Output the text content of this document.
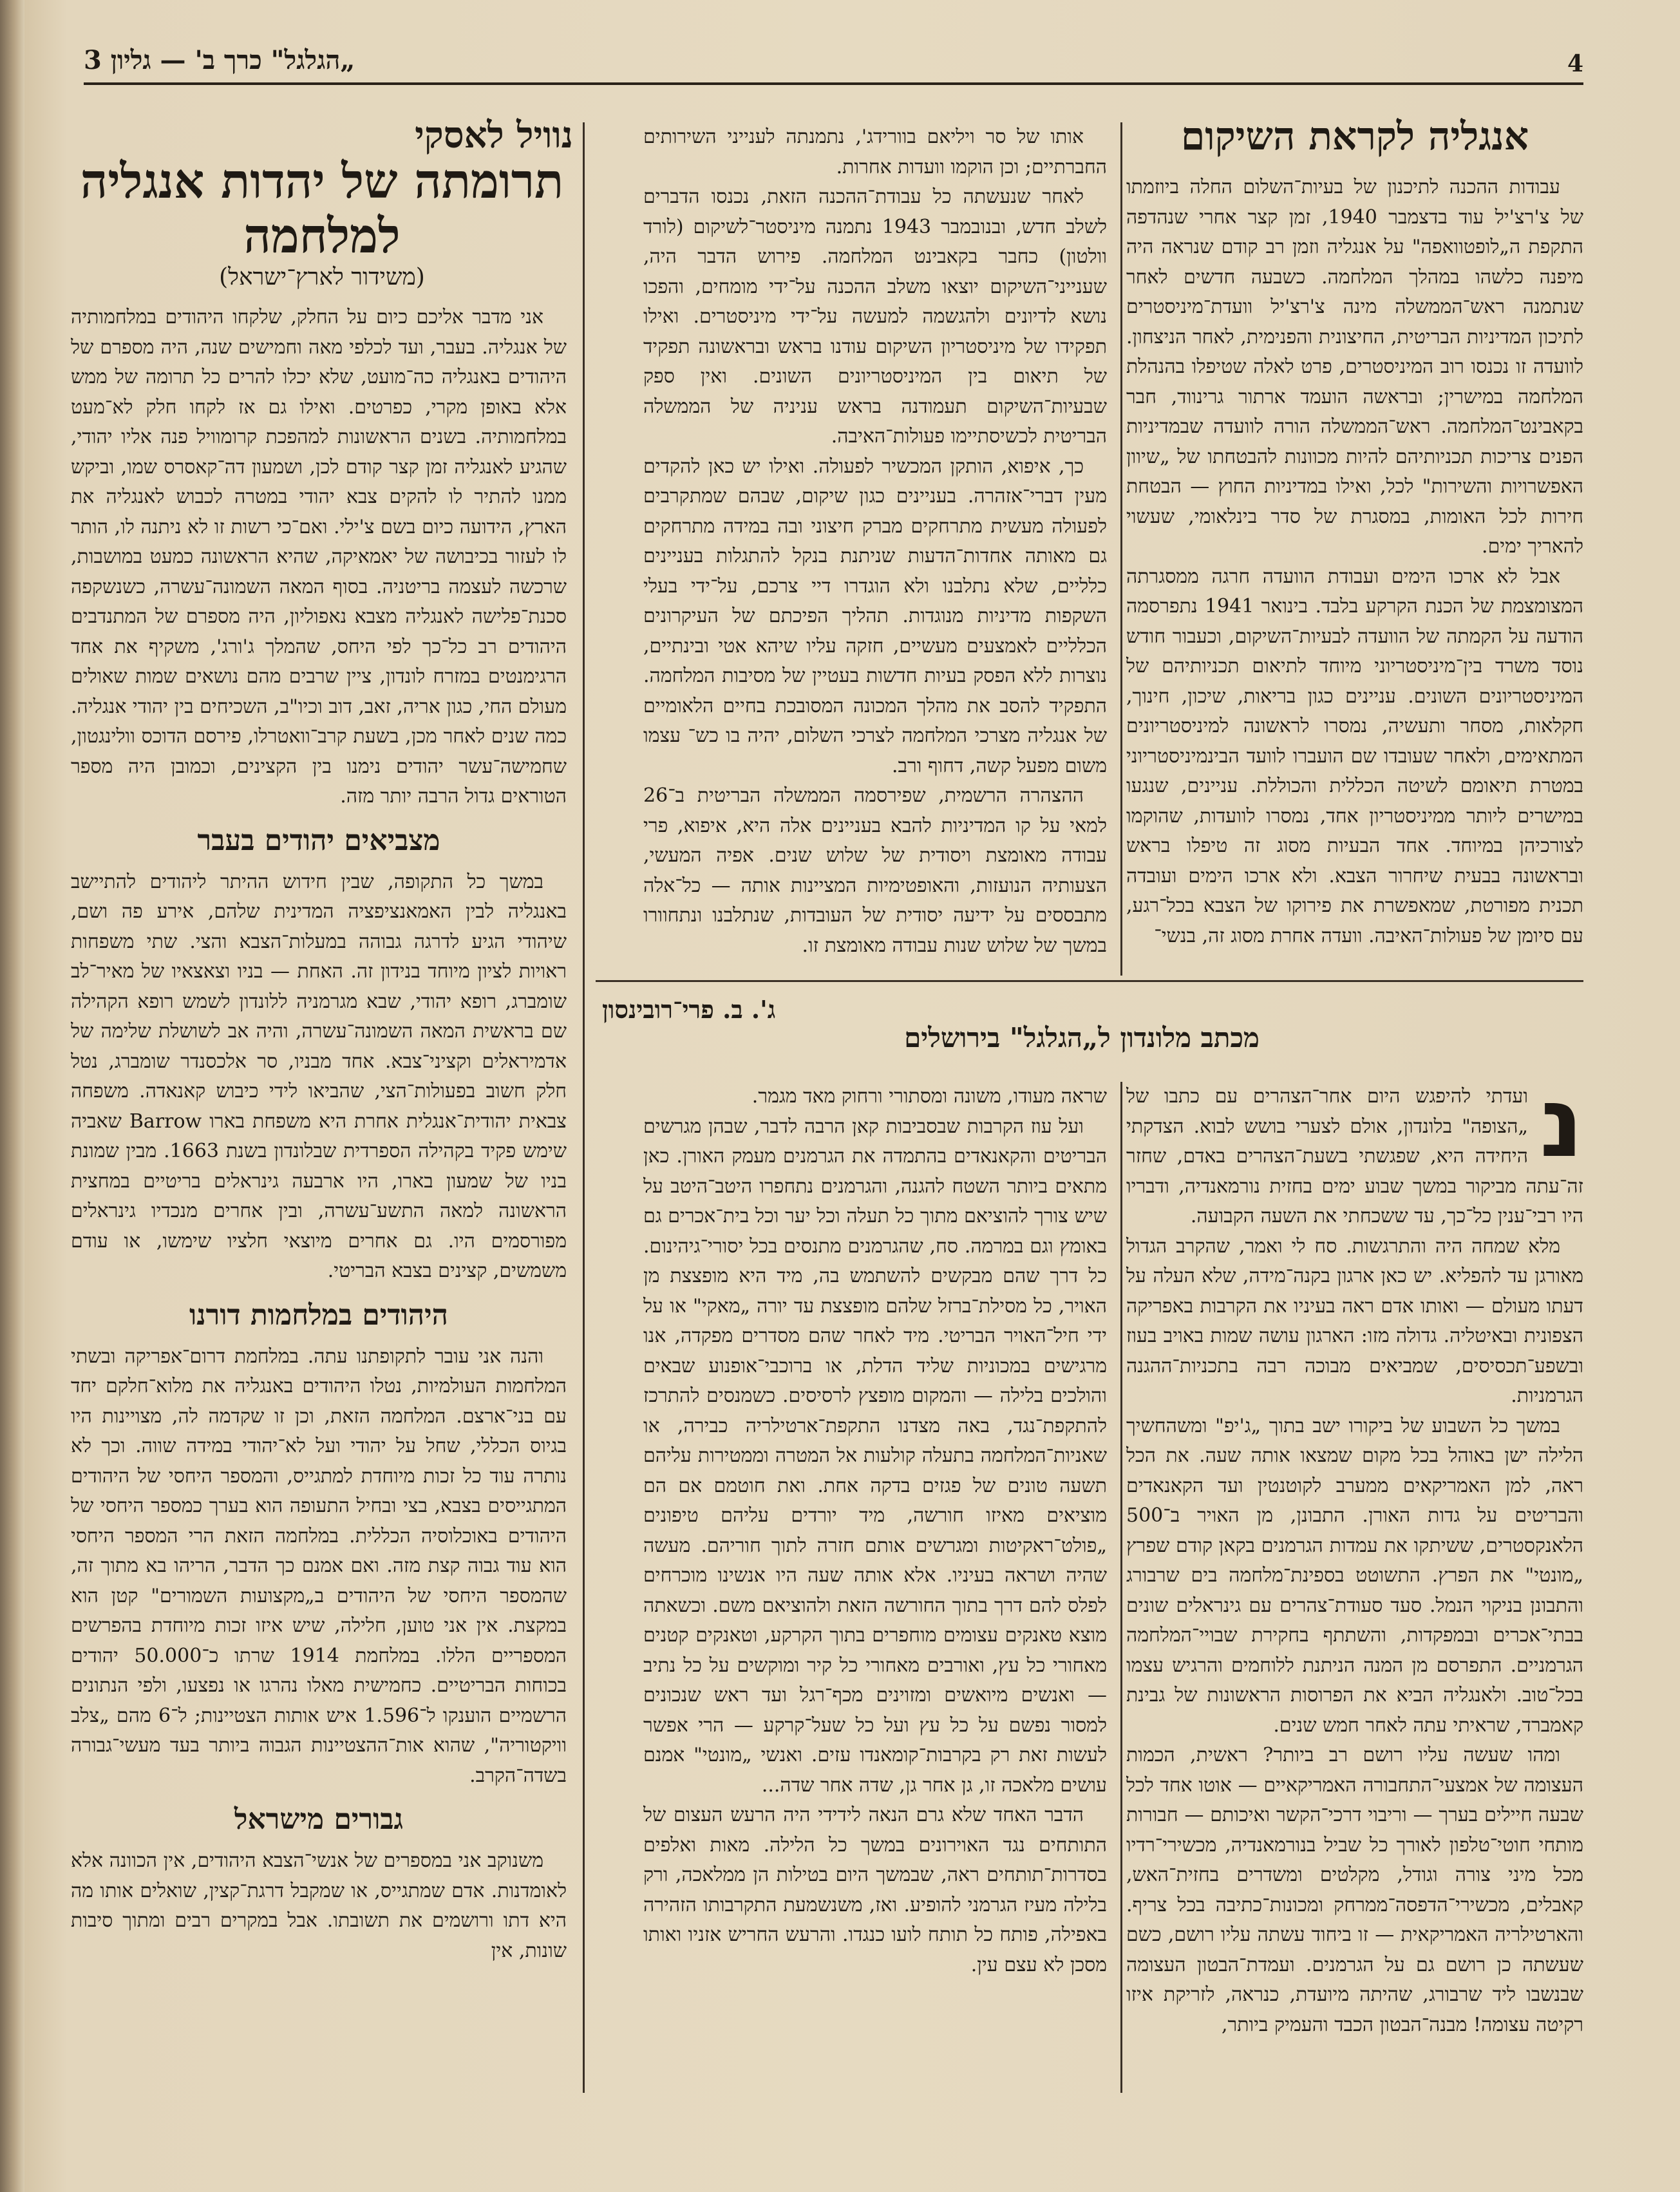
„הגלגל" כרך ב' — גליון 3	4
אנגליה לקראת השיקום

עבודות ההכנה לתיכנון של בעיות־השלום החלה ביוזמתו של צ'רצ'יל עוד בדצמבר 1940, זמן קצר אחרי שנהדפה התקפת ה„לופטוואפה" על אנגליה וזמן רב קודם שנראה היה מיפנה כלשהו במהלך המלחמה. כשבעה חדשים לאחר שנתמנה ראש־הממשלה מינה צ'רצ'יל וועדת־מיניסטרים לתיכון המדיניות הבריטית, החיצונית והפנימית, לאחר הניצחון. לוועדה זו נכנסו רוב המיניסטרים, פרט לאלה שטיפלו בהנהלת המלחמה במישרין; ובראשה הועמד ארתור גרינווד, חבר בקאבינט־המלחמה. ראש־הממשלה הורה לוועדה שבמדיניות הפנים צריכות תכניותיהם להיות מכוונות להבטחתו של „שיוון האפשרויות והשירות" לכל, ואילו במדיניות החוץ — הבטחת חירות לכל האומות, במסגרת של סדר בינלאומי, שעשוי להאריך ימים.

אבל לא ארכו הימים ועבודת הוועדה חרגה ממסגרתה המצומצמת של הכנת הקרקע בלבד. בינואר 1941 נתפרסמה הודעה על הקמתה של הוועדה לבעיות־השיקום, וכעבור חודש נוסד משרד בין־מיניסטריוני מיוחד לתיאום תכניותיהם של המיניסטריונים השונים. עניינים כגון בריאות, שיכון, חינוך, חקלאות, מסחר ותעשיה, נמסרו לראשונה למיניסטריונים המתאימים, ולאחר שעובדו שם הועברו לוועד הבינמיניסטריוני במטרת תיאומם לשיטה הכללית והכוללת. עניינים, שנגעו במישרים ליותר ממיניסטריון אחד, נמסרו לוועדות, שהוקמו לצורכיהן במיוחד. אחד הבעיות מסוג זה טיפלו בראש ובראשונה בבעית שיחרור הצבא. ולא ארכו הימים ועובדה תכנית מפורטת, שמאפשרת את פירוקו של הצבא בכל־רגע, עם סיומן של פעולות־האיבה. וועדה אחרת מסוג זה, בנשי־

אותו של סר ויליאם בוורידג', נתמנתה לענייני השירותים החברתיים; וכן הוקמו וועדות אחרות.

לאחר שנעשתה כל עבודת־ההכנה הזאת, נכנסו הדברים לשלב חדש, ובנובמבר 1943 נתמנה מיניסטר־לשיקום (לורד וולטון) כחבר בקאבינט המלחמה. פירוש הדבר היה, שענייני־השיקום יוצאו משלב ההכנה על־ידי מומחים, והפכו נושא לדיונים ולהגשמה למעשה על־ידי מיניסטרים. ואילו תפקידו של מיניסטריון השיקום עודנו בראש ובראשונה תפקיד של תיאום בין המיניסטריונים השונים. ואין ספק שבעיות־השיקום תעמודנה בראש עניניה של הממשלה הבריטית לכשיסתיימו פעולות־האיבה.

כך, איפוא, הותקן המכשיר לפעולה. ואילו יש כאן להקדים מעין דברי־אזהרה. בעניינים כגון שיקום, שבהם שמתקרבים לפעולה מעשית מתרחקים מברק חיצוני ובה במידה מתרחקים גם מאותה אחדות־הדעות שניתנת בנקל להתגלות בעניינים כלליים, שלא נתלבנו ולא הוגדרו דיי צרכם, על־ידי בעלי השקפות מדיניות מנוגדות. תהליך הפיכתם של העיקרונים הכלליים לאמצעים מעשיים, חזקה עליו שיהא אטי ובינתיים, נוצרות ללא הפסק בעיות חדשות בעטיין של מסיבות המלחמה. התפקיד להסב את מהלך המכונה המסובכת בחיים הלאומיים של אנגליה מצרכי המלחמה לצרכי השלום, יהיה בו כש־ עצמו משום מפעל קשה, דחוף ורב.

ההצהרה הרשמית, שפירסמה הממשלה הבריטית ב־26 למאי על קו המדיניות להבא בעניינים אלה היא, איפוא, פרי עבודה מאומצת ויסודית של שלוש שנים. אפיה המעשי, הצעותיה הנועזות, והאופטימיות המציינות אותה — כל־אלה מתבססים על ידיעה יסודית של העובדות, שנתלבנו ונתחוורו במשך של שלוש שנות עבודה מאומצת זו.

נוויל לאסקי
תרומתה של יהדות אנגליה למלחמה
(משידור לארץ־ישראל)

אני מדבר אליכם כיום על החלק, שלקחו היהודים במלחמותיה של אנגליה. בעבר, ועד לכלפי מאה וחמישים שנה, היה מספרם של היהודים באנגליה כה־מועט, שלא יכלו להרים כל תרומה של ממש אלא באופן מקרי, כפרטים. ואילו גם אז לקחו חלק לא־מעט במלחמותיה. בשנים הראשונות למהפכת קרומוויל פנה אליו יהודי, שהגיע לאנגליה זמן קצר קודם לכן, ושמעון דה־קאסרס שמו, וביקש ממנו להתיר לו להקים צבא יהודי במטרה לכבוש לאנגליה את הארץ, הידועה כיום בשם צ'ילי. ואם־כי רשות זו לא ניתנה לו, הותר לו לעזור בכיבושה של יאמאיקה, שהיא הראשונה כמעט במושבות, שרכשה לעצמה בריטניה. בסוף המאה השמונה־עשרה, כשנשקפה סכנת־פלישה לאנגליה מצבא נאפוליון, היה מספרם של המתנדבים היהודים רב כל־כך לפי היחס, שהמלך ג'ורג', משקיף את אחד הרגימנטים במזרח לונדון, ציין שרבים מהם נושאים שמות שאולים מעולם החי, כגון אריה, זאב, דוב וכיו"ב, השכיחים בין יהודי אנגליה. כמה שנים לאחר מכן, בשעת קרב־וואטרלו, פירסם הדוכס וולינגטון, שחמישה־עשר יהודים נימנו בין הקצינים, וכמובן היה מספר הטוראים גדול הרבה יותר מזה.

מצביאים יהודים בעבר

במשך כל התקופה, שבין חידוש ההיתר ליהודים להתיישב באנגליה לבין האמאנציפציה המדינית שלהם, אירע פה ושם, שיהודי הגיע לדרגה גבוהה במעלות־הצבא והצי. שתי משפחות ראויות לציון מיוחד בנידון זה. האחת — בניו וצאצאיו של מאיר־לב שומברג, רופא יהודי, שבא מגרמניה ללונדון לשמש רופא הקהילה שם בראשית המאה השמונה־עשרה, והיה אב לשושלת שלימה של אדמיראלים וקציני־צבא. אחד מבניו, סר אלכסנדר שומברג, נטל חלק חשוב בפעולות־הצי, שהביאו לידי כיבוש קאנאדה. משפחה צבאית יהודית־אנגלית אחרת היא משפחת בארו Barrow שאביה שימש פקיד בקהילה הספרדית שבלונדון בשנת 1663. מבין שמונת בניו של שמעון בארו, היו ארבעה גינראלים בריטיים במחצית הראשונה למאה התשע־עשרה, ובין אחרים מנכדיו גינראלים מפורסמים היו. גם אחרים מיוצאי חלציו שימשו, או עודם משמשים, קצינים בצבא הבריטי.

היהודים במלחמות דורנו

והנה אני עובר לתקופתנו עתה. במלחמת דרום־אפריקה ובשתי המלחמות העולמיות, נטלו היהודים באנגליה את מלוא־חלקם יחד עם בני־ארצם. המלחמה הזאת, וכן זו שקדמה לה, מצויינות היו בגיוס הכללי, שחל על יהודי ועל לא־יהודי במידה שווה. וכך לא נותרה עוד כל זכות מיוחדת למתגייס, והמספר היחסי של היהודים המתגייסים בצבא, בצי ובחיל התעופה הוא בערך כמספר היחסי של היהודים באוכלוסיה הכללית. במלחמה הזאת הרי המספר היחסי הוא עוד גבוה קצת מזה. ואם אמנם כך הדבר, הריהו בא מתוך זה, שהמספר היחסי של היהודים ב„מקצועות השמורים" קטן הוא במקצת. אין אני טוען, חלילה, שיש איזו זכות מיוחדת בהפרשים המספריים הללו. במלחמת 1914 שרתו כ־50.000 יהודים בכוחות הבריטיים. כחמישית מאלו נהרגו או נפצעו, ולפי הנתונים הרשמיים הוענקו ל־1.596 איש אותות הצטיינות; ל־6 מהם „צלב וויקטוריה", שהוא אות־ההצטיינות הגבוה ביותר בעד מעשי־גבורה בשדה־הקרב.

גבורים מישראל

משנוקב אני במספרים של אנשי־הצבא היהודים, אין הכוונה אלא לאומדנות. אדם שמתגייס, או שמקבל דרגת־קצין, שואלים אותו מה היא דתו ורושמים את תשובתו. אבל במקרים רבים ומתוך סיבות שונות, אין

ג'. ב. פרי־רובינסון
מכתב מלונדון ל„הגלגל" בירושלים
נ

ועדתי להיפגש היום אחר־הצהרים עם כתבו של „הצופה" בלונדון, אולם לצערי בושש לבוא. הצדקתי היחידה היא, שפגשתי בשעת־הצהרים באדם, שחזר זה־עתה מביקור במשך שבוע ימים בחזית נורמאנדיה, ודבריו היו רבי־ענין כל־כך, עד ששכחתי את השעה הקבועה.

מלא שמחה היה והתרגשות. סח לי ואמר, שהקרב הגדול מאורגן עד להפליא. יש כאן ארגון בקנה־מידה, שלא העלה על דעתו מעולם — ואותו אדם ראה בעיניו את הקרבות באפריקה הצפונית ובאיטליה. גדולה מזו: הארגון עושה שמות באויב בעוז ובשפע־תכסיסים, שמביאים מבוכה רבה בתכניות־ההגנה הגרמניות.

במשך כל השבוע של ביקורו ישב בתוך „ג'יפ" ומשהחשיך הלילה ישן באוהל בכל מקום שמצאו אותה שעה. את הכל ראה, למן האמריקאים ממערב לקוטנטין ועד הקאנאדים והבריטים על גדות האורן. התבונן, מן האויר ב־500 הלאנקסטרים, ששיתקו את עמדות הגרמנים בקאן קודם שפרץ „מונטי" את הפרץ. התשוטט בספינת־מלחמה בים שרבורג והתבונן בניקוי הנמל. סעד סעודת־צהרים עם גינראלים שונים בבתי־אכרים ובמפקדות, והשתתף בחקירת שבויי־המלחמה הגרמניים. התפרסם מן המנה הניתנת ללוחמים והרגיש עצמו בכל־טוב. ולאנגליה הביא את הפרוסות הראשונות של גבינת קאמברד, שראיתי עתה לאחר חמש שנים.

ומהו שעשה עליו רושם רב ביותר? ראשית, הכמות העצומה של אמצעי־התחבורה האמריקאיים — אוטו אחד לכל שבעה חיילים בערך — וריבוי דרכי־הקשר ואיכותם — חבורות מותחי חוטי־טלפון לאורך כל שביל בנורמאנדיה, מכשירי־רדיו מכל מיני צורה וגודל, מקלטים ומשדרים בחזית־האש, קאבלים, מכשירי־הדפסה־ממרחק ומכונות־כתיבה בכל צריף. והארטילריה האמריקאית — זו ביחוד עשתה עליו רושם, כשם שעשתה כן רושם גם על הגרמנים. ועמדת־הבטון העצומה שבנשבו ליד שרבורג, שהיתה מיועדת, כנראה, לזריקת איזו רקיטה עצומה! מבנה־הבטון הכבד והעמיק ביותר,

שראה מעודו, משונה ומסתורי ורחוק מאד מגמר.

ועל עוז הקרבות שבסביבות קאן הרבה לדבר, שבהן מגרשים הבריטים והקאנאדים בהתמדה את הגרמנים מעמק האורן. כאן מתאים ביותר השטח להגנה, והגרמנים נתחפרו היטב־היטב על שיש צורך להוציאם מתוך כל תעלה וכל יער וכל בית־אכרים גם באומץ וגם במרמה. סח, שהגרמנים מתנסים בכל יסורי־גיהינום. כל דרך שהם מבקשים להשתמש בה, מיד היא מופצצת מן האויר, כל מסילת־ברזל שלהם מופצצת עד יורה „מאקי" או על ידי חיל־האויר הבריטי. מיד לאחר שהם מסדרים מפקדה, אנו מרגישים במכוניות שליד הדלת, או ברוכבי־אופנוע שבאים והולכים בלילה — והמקום מופצץ לרסיסים. כשמנסים להתרכז להתקפת־נגד, באה מצדנו התקפת־ארטילריה כבירה, או שאניות־המלחמה בתעלה קולעות אל המטרה וממטירות עליהם תשעה טונים של פגזים בדקה אחת. ואת חוטמם אם הם מוציאים מאיזו חורשה, מיד יורדים עליהם טיפונים „פולט־ראקיטות ומגרשים אותם חזרה לתוך חוריהם. מעשה שהיה ושראה בעיניו. אלא אותה שעה היו אנשינו מוכרחים לפלס להם דרך בתוך החורשה הזאת ולהוציאם משם. וכשאתה מוצא טאנקים עצומים מוחפרים בתוך הקרקע, וטאנקים קטנים מאחורי כל עץ, ואורבים מאחורי כל קיר ומוקשים על כל נתיב — ואנשים מיואשים ומזוינים מכף־רגל ועד ראש שנכונים למסור נפשם על כל עץ ועל כל שעל־קרקע — הרי אפשר לעשות זאת רק בקרבות־קומאנדו עזים. ואנשי „מונטי" אמנם עושים מלאכה זו, גן אחר גן, שדה אחר שדה...

הדבר האחד שלא גרם הנאה לידידי היה הרעש העצום של התותחים נגד האוירונים במשך כל הלילה. מאות ואלפים בסדרות־תותחים ראה, שבמשך היום בטילות הן ממלאכה, ורק בלילה מעיז הגרמני להופיע. ואז, משנשמעת התקרבותו הזהירה באפילה, פותח כל תותח לועו כנגדו. והרעש החריש אזניו ואותו מסכן לא עצם עין.
